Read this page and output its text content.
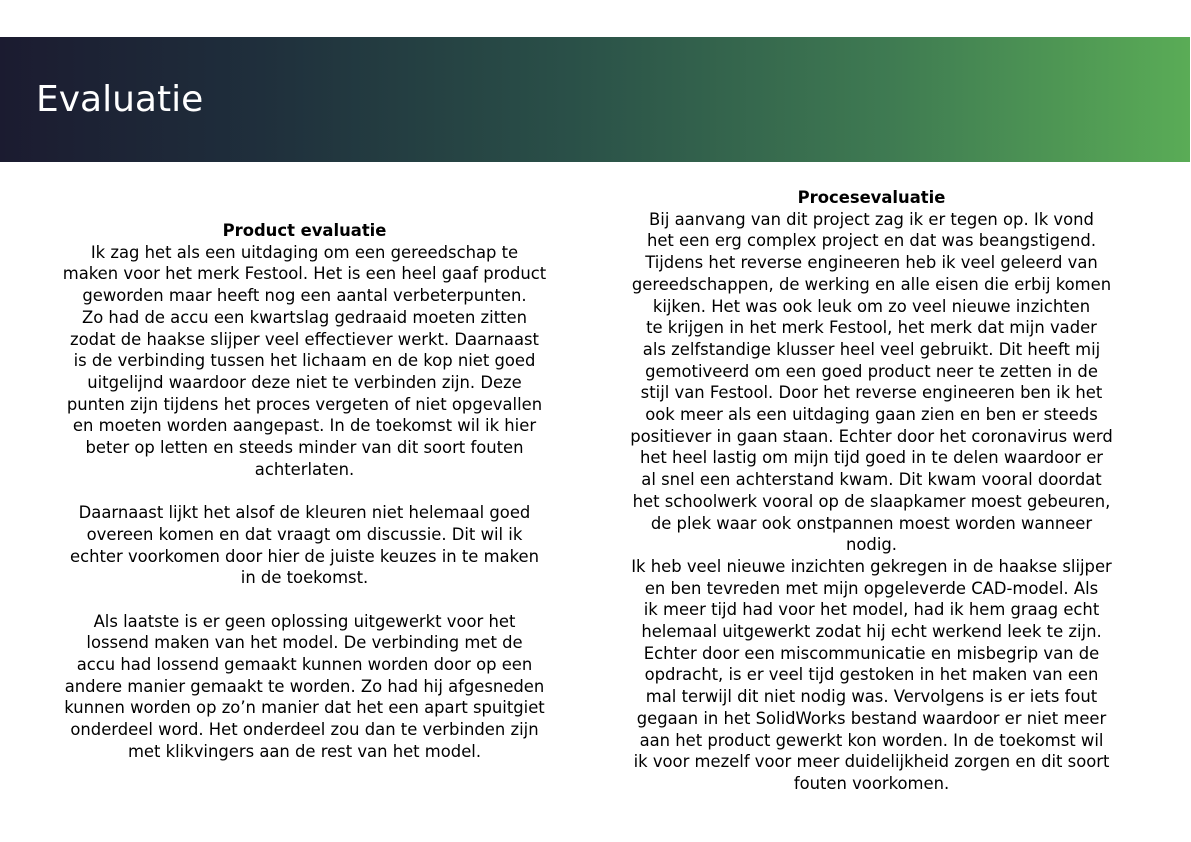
Evaluatie
Product evaluatie

Ik zag het als een uitdaging om een gereedschap te
maken voor het merk Festool. Het is een heel gaaf product
geworden maar heeft nog een aantal verbeterpunten.
Zo had de accu een kwartslag gedraaid moeten zitten
zodat de haakse slijper veel effectiever werkt. Daarnaast
is de verbinding tussen het lichaam en de kop niet goed
uitgelijnd waardoor deze niet te verbinden zijn. Deze
punten zijn tijdens het proces vergeten of niet opgevallen
en moeten worden aangepast. In de toekomst wil ik hier
beter op letten en steeds minder van dit soort fouten
achterlaten.

Daarnaast lijkt het alsof de kleuren niet helemaal goed
overeen komen en dat vraagt om discussie. Dit wil ik
echter voorkomen door hier de juiste keuzes in te maken
in de toekomst.

Als laatste is er geen oplossing uitgewerkt voor het
lossend maken van het model. De verbinding met de
accu had lossend gemaakt kunnen worden door op een
andere manier gemaakt te worden. Zo had hij afgesneden
kunnen worden op zo’n manier dat het een apart spuitgiet
onderdeel word. Het onderdeel zou dan te verbinden zijn
met klikvingers aan de rest van het model.

Procesevaluatie

Bij aanvang van dit project zag ik er tegen op. Ik vond
het een erg complex project en dat was beangstigend.
Tijdens het reverse engineeren heb ik veel geleerd van
gereedschappen, de werking en alle eisen die erbij komen
kijken. Het was ook leuk om zo veel nieuwe inzichten
te krijgen in het merk Festool, het merk dat mijn vader
als zelfstandige klusser heel veel gebruikt. Dit heeft mij
gemotiveerd om een goed product neer te zetten in de
stijl van Festool. Door het reverse engineeren ben ik het
ook meer als een uitdaging gaan zien en ben er steeds
positiever in gaan staan. Echter door het coronavirus werd
het heel lastig om mijn tijd goed in te delen waardoor er
al snel een achterstand kwam. Dit kwam vooral doordat
het schoolwerk vooral op de slaapkamer moest gebeuren,
de plek waar ook onstpannen moest worden wanneer
nodig.

Ik heb veel nieuwe inzichten gekregen in de haakse slijper
en ben tevreden met mijn opgeleverde CAD-model. Als
ik meer tijd had voor het model, had ik hem graag echt
helemaal uitgewerkt zodat hij echt werkend leek te zijn.
Echter door een miscommunicatie en misbegrip van de
opdracht, is er veel tijd gestoken in het maken van een
mal terwijl dit niet nodig was. Vervolgens is er iets fout
gegaan in het SolidWorks bestand waardoor er niet meer
aan het product gewerkt kon worden. In de toekomst wil
ik voor mezelf voor meer duidelijkheid zorgen en dit soort
fouten voorkomen.
